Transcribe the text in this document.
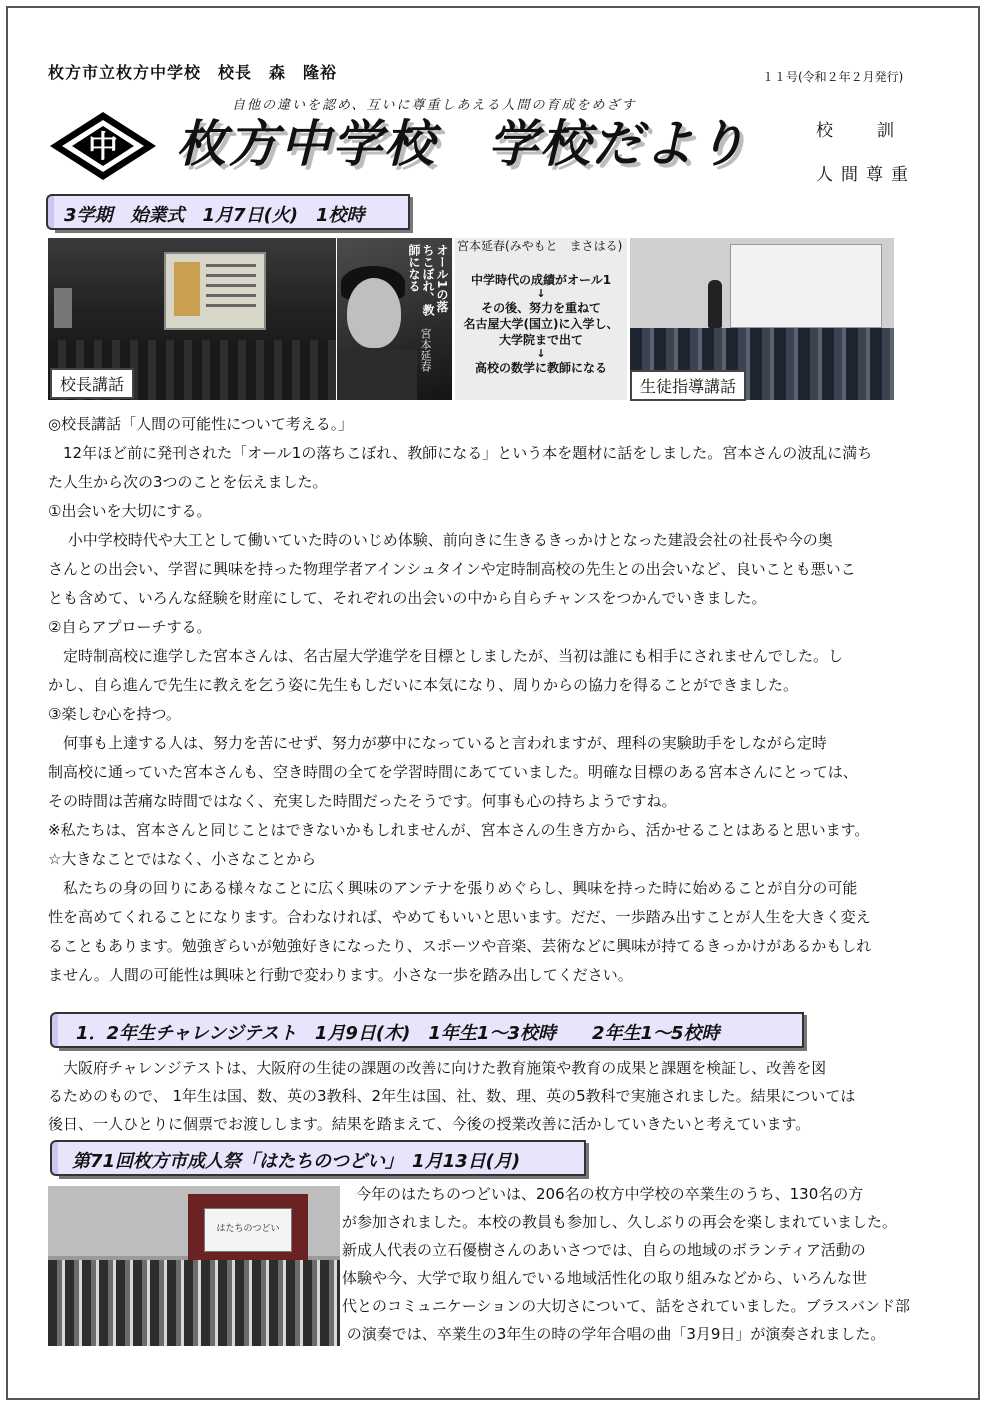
枚方市立枚方中学校　校長　森　隆裕	１１号(令和２年２月発行)
自他の違いを認め、互いに尊重しあえる人間の育成をめざす
中 枚方中学校　学校だより	校訓
人間尊重
3学期　始業式　1月7日(火)　1校時
校長講話
オール1の落ちこぼれ、教師になる
宮本延春
宮本延春(みやもと　まさはる)
中学時代の成績がオール1
↓
その後、努力を重ねて
名古屋大学(国立)に入学し、
大学院まで出て
↓
高校の数学に教師になる
生徒指導講話
◎校長講話「人間の可能性について考える。」
　12年ほど前に発刊された「オール1の落ちこぼれ、教師になる」という本を題材に話をしました。宮本さんの波乱に満ち
た人生から次の3つのことを伝えました。
①出会いを大切にする。
　 小中学校時代や大工として働いていた時のいじめ体験、前向きに生きるきっかけとなった建設会社の社長や今の奥
さんとの出会い、学習に興味を持った物理学者アインシュタインや定時制高校の先生との出会いなど、良いことも悪いこ
とも含めて、いろんな経験を財産にして、それぞれの出会いの中から自らチャンスをつかんでいきました。
②自らアプローチする。
　定時制高校に進学した宮本さんは、名古屋大学進学を目標としましたが、当初は誰にも相手にされませんでした。し
かし、自ら進んで先生に教えを乞う姿に先生もしだいに本気になり、周りからの協力を得ることができました。
③楽しむ心を持つ。
　何事も上達する人は、努力を苦にせず、努力が夢中になっていると言われますが、理科の実験助手をしながら定時
制高校に通っていた宮本さんも、空き時間の全てを学習時間にあてていました。明確な目標のある宮本さんにとっては、
その時間は苦痛な時間ではなく、充実した時間だったそうです。何事も心の持ちようですね。
※私たちは、宮本さんと同じことはできないかもしれませんが、宮本さんの生き方から、活かせることはあると思います。
☆大きなことではなく、小さなことから
　私たちの身の回りにある様々なことに広く興味のアンテナを張りめぐらし、興味を持った時に始めることが自分の可能
性を高めてくれることになります。合わなければ、やめてもいいと思います。だだ、一歩踏み出すことが人生を大きく変え
ることもあります。勉強ぎらいが勉強好きになったり、スポーツや音楽、芸術などに興味が持てるきっかけがあるかもしれ
ません。人間の可能性は興味と行動で変わります。小さな一歩を踏み出してください。
1．2年生チャレンジテスト　1月9日(木)　1年生1～3校時　　2年生1～5校時
　大阪府チャレンジテストは、大阪府の生徒の課題の改善に向けた教育施策や教育の成果と課題を検証し、改善を図
るためのもので、 1年生は国、数、英の3教科、2年生は国、社、数、理、英の5教科で実施されました。結果については
後日、一人ひとりに個票でお渡しします。結果を踏まえて、今後の授業改善に活かしていきたいと考えています。
第71回枚方市成人祭「はたちのつどい」　1月13日(月)
はたちのつどい
今年のはたちのつどいは、206名の枚方中学校の卒業生のうち、130名の方
が参加されました。本校の教員も参加し、久しぶりの再会を楽しまれていました。
新成人代表の立石優樹さんのあいさつでは、自らの地域のボランティア活動の
体験や今、大学で取り組んでいる地域活性化の取り組みなどから、いろんな世
代とのコミュニケーションの大切さについて、話をされていました。ブラスバンド部
の演奏では、卒業生の3年生の時の学年合唱の曲「3月9日」が演奏されました。
